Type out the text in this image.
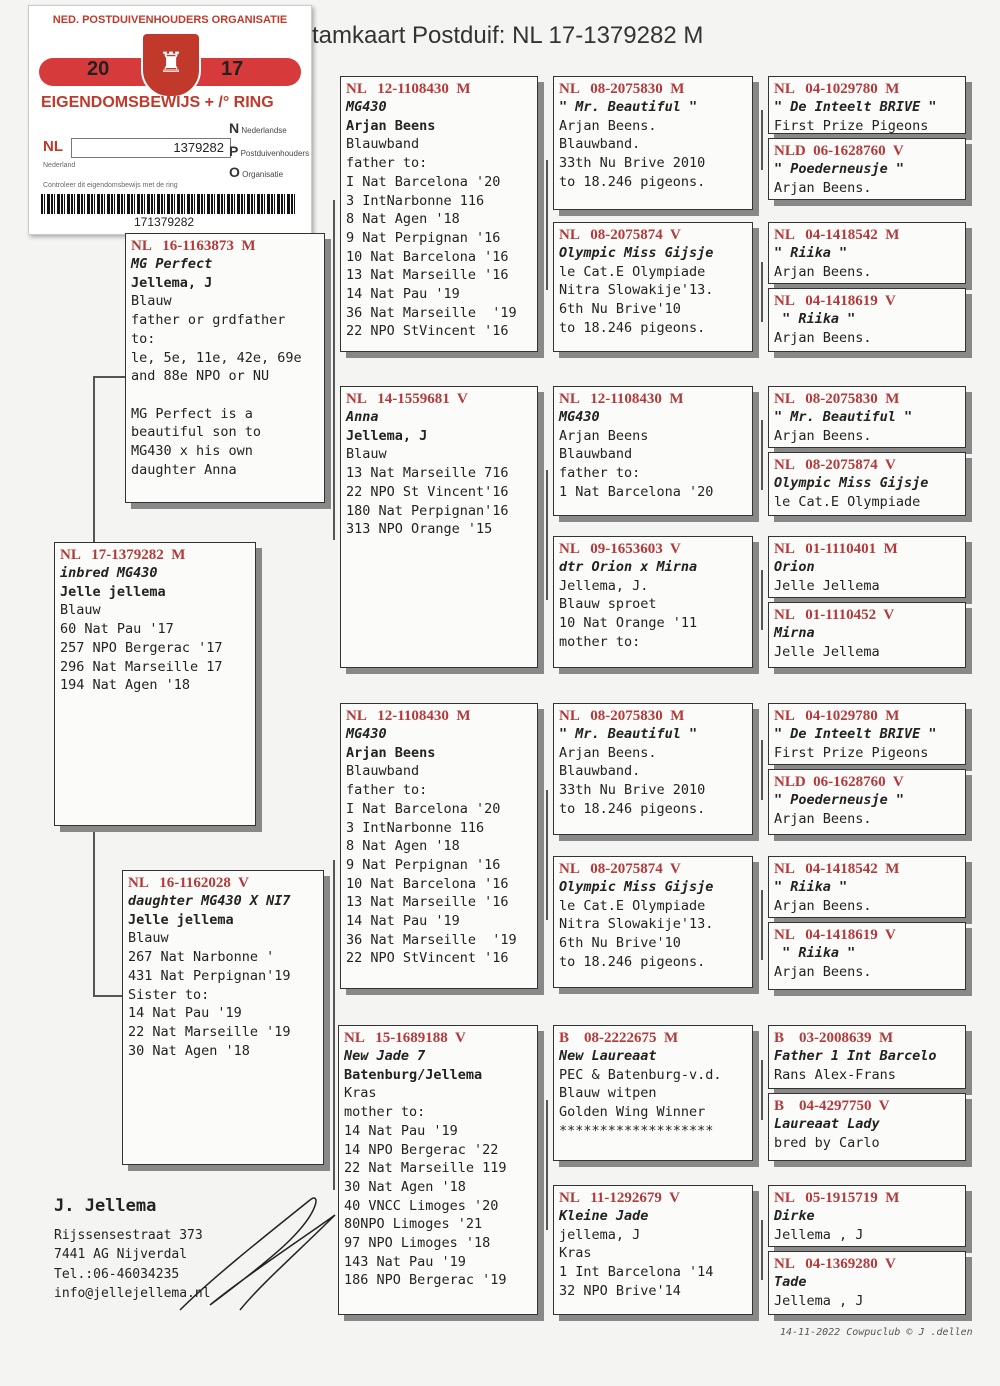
tamkaart Postduif: NL 17-1379282 M
NED. POSTDUIVENHOUDERS ORGANISATIE
20	17
♜
EIGENDOMSBEWIJS + /° RING
NL	1379282
N Nederlandse
P Postduivenhouders
O Organisatie
Nederland
Controleer dit eigendomsbewijs met de ring
171379282
NL   17-1379282  M
inbred MG430
Jelle jellema
Blauw
60 Nat Pau '17
257 NPO Bergerac '17
296 Nat Marseille 17
194 Nat Agen '18
NL   16-1163873  M
MG Perfect
Jellema, J
Blauw
father or grdfather
to:
le, 5e, 11e, 42e, 69e
and 88e NPO or NU

MG Perfect is a
beautiful son to
MG430 x his own
daughter Anna
NL   16-1162028  V
daughter MG430 X NI7
Jelle jellema
Blauw
267 Nat Narbonne '
431 Nat Perpignan'19
Sister to:
14 Nat Pau '19
22 Nat Marseille '19
30 Nat Agen '18
NL   12-1108430  M
MG430
Arjan Beens
Blauwband
father to:
I Nat Barcelona '20
3 IntNarbonne 116
8 Nat Agen '18
9 Nat Perpignan '16
10 Nat Barcelona '16
13 Nat Marseille '16
14 Nat Pau '19
36 Nat Marseille  '19
22 NPO StVincent '16
NL   14-1559681  V
Anna
Jellema, J
Blauw
13 Nat Marseille 716
22 NPO St Vincent'16
180 Nat Perpignan'16
313 NPO Orange '15
NL   12-1108430  M
MG430
Arjan Beens
Blauwband
father to:
I Nat Barcelona '20
3 IntNarbonne 116
8 Nat Agen '18
9 Nat Perpignan '16
10 Nat Barcelona '16
13 Nat Marseille '16
14 Nat Pau '19
36 Nat Marseille  '19
22 NPO StVincent '16
NL   15-1689188  V
New Jade 7
Batenburg/Jellema
Kras
mother to:
14 Nat Pau '19
14 NPO Bergerac '22
22 Nat Marseille 119
30 Nat Agen '18
40 VNCC Limoges '20
80NPO Limoges '21
97 NPO Limoges '18
143 Nat Pau '19
186 NPO Bergerac '19
NL   08-2075830  M
" Mr. Beautiful "
Arjan Beens.
Blauwband.
33th Nu Brive 2010
to 18.246 pigeons.
NL   08-2075874  V
Olympic Miss Gijsje
le Cat.E Olympiade
Nitra Slowakije'13.
6th Nu Brive'10
to 18.246 pigeons.
NL   12-1108430  M
MG430
Arjan Beens
Blauwband
father to:
1 Nat Barcelona '20
NL   09-1653603  V
dtr Orion x Mirna
Jellema, J.
Blauw sproet
10 Nat Orange '11
mother to:
NL   08-2075830  M
" Mr. Beautiful "
Arjan Beens.
Blauwband.
33th Nu Brive 2010
to 18.246 pigeons.
NL   08-2075874  V
Olympic Miss Gijsje
le Cat.E Olympiade
Nitra Slowakije'13.
6th Nu Brive'10
to 18.246 pigeons.
B    08-2222675  M
New Laureaat
PEC & Batenburg-v.d.
Blauw witpen
Golden Wing Winner
*******************
NL   11-1292679  V
Kleine Jade
jellema, J
Kras
1 Int Barcelona '14
32 NPO Brive'14
NL   04-1029780  M
" De Inteelt BRIVE "
First Prize Pigeons
NLD  06-1628760  V
" Poederneusje "
Arjan Beens.
NL   04-1418542  M
" Riika "
Arjan Beens.
NL   04-1418619  V
" Riika "
Arjan Beens.
NL   08-2075830  M
" Mr. Beautiful "
Arjan Beens.
NL   08-2075874  V
Olympic Miss Gijsje
le Cat.E Olympiade
NL   01-1110401  M
Orion
Jelle Jellema
NL   01-1110452  V
Mirna
Jelle Jellema
NL   04-1029780  M
" De Inteelt BRIVE "
First Prize Pigeons
NLD  06-1628760  V
" Poederneusje "
Arjan Beens.
NL   04-1418542  M
" Riika "
Arjan Beens.
NL   04-1418619  V
" Riika "
Arjan Beens.
B    03-2008639  M
Father 1 Int Barcelo
Rans Alex-Frans
B    04-4297750  V
Laureaat Lady
bred by Carlo
NL   05-1915719  M
Dirke
Jellema , J
NL   04-1369280  V
Tade
Jellema , J
J. Jellema
Rijssensestraat 373
7441 AG Nijverdal
Tel.:06-46034235
info@jellejellema.nl
14-11-2022 Cowpuclub © J .dellen
